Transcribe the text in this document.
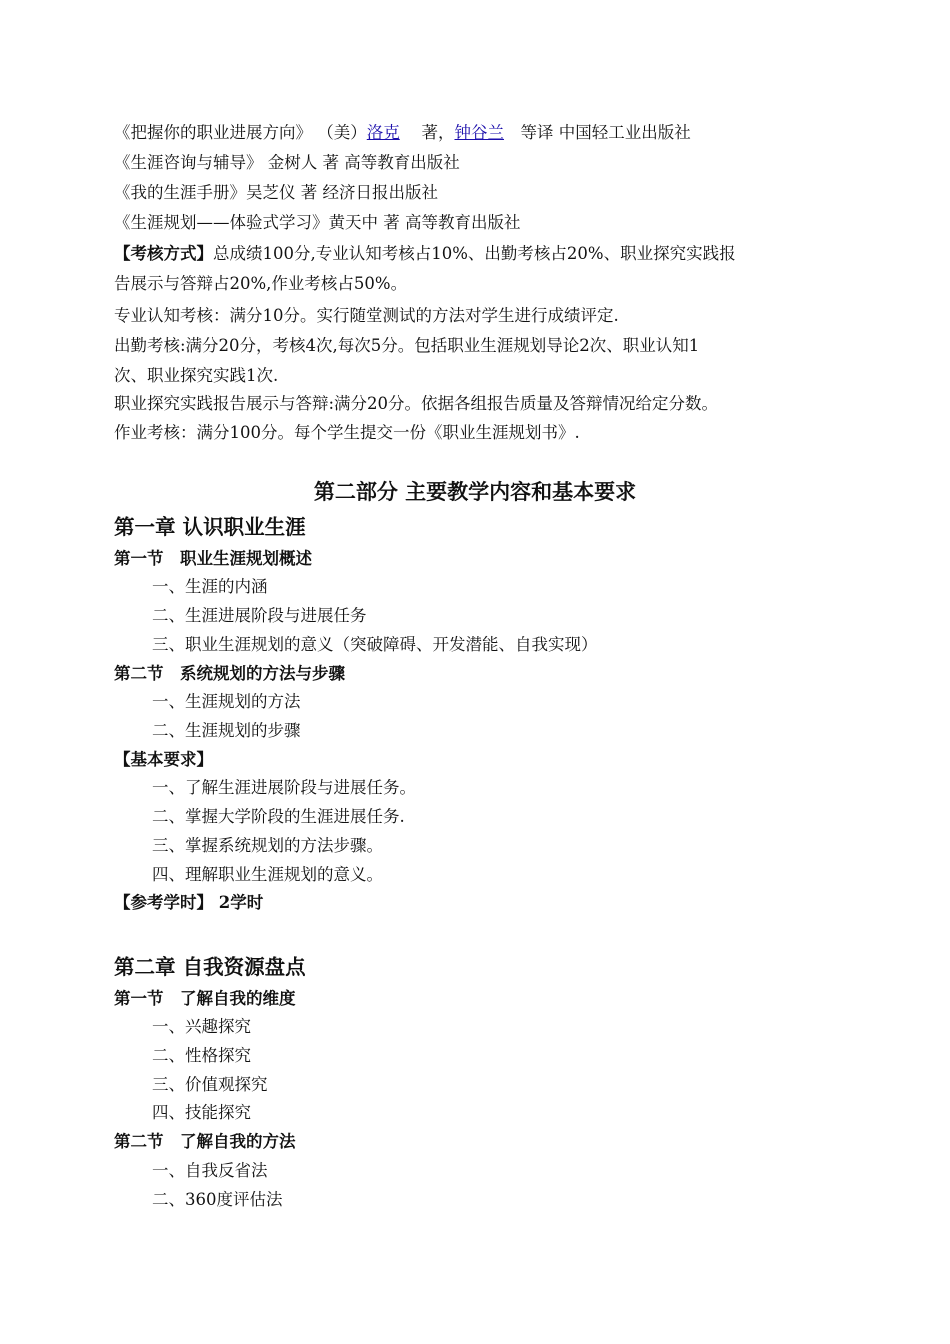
《把握你的职业进展方向》 （美）洛克　 著，钟谷兰　等译 中国轻工业出版社
《生涯咨询与辅导》 金树人 著 高等教育出版社
《我的生涯手册》吴芝仪 著 经济日报出版社
《生涯规划——体验式学习》黄天中 著 高等教育出版社
【考核方式】总成绩100分,专业认知考核占10%、出勤考核占20%、职业探究实践报
告展示与答辩占20%,作业考核占50%。
专业认知考核：满分10分。实行随堂测试的方法对学生进行成绩评定.
出勤考核:满分20分，考核4次,每次5分。包括职业生涯规划导论2次、职业认知1
次、职业探究实践1次.
职业探究实践报告展示与答辩:满分20分。依据各组报告质量及答辩情况给定分数。
作业考核：满分100分。每个学生提交一份《职业生涯规划书》.
第二部分 主要教学内容和基本要求
第一章 认识职业生涯
第一节　职业生涯规划概述
一、生涯的内涵
二、生涯进展阶段与进展任务
三、职业生涯规划的意义（突破障碍、开发潜能、自我实现）
第二节　系统规划的方法与步骤
一、生涯规划的方法
二、生涯规划的步骤
【基本要求】
一、了解生涯进展阶段与进展任务。
二、掌握大学阶段的生涯进展任务.
三、掌握系统规划的方法步骤。
四、理解职业生涯规划的意义。
【参考学时】 2学时
第二章 自我资源盘点
第一节　了解自我的维度
一、兴趣探究
二、性格探究
三、价值观探究
四、技能探究
第二节　了解自我的方法
一、自我反省法
二、360度评估法
